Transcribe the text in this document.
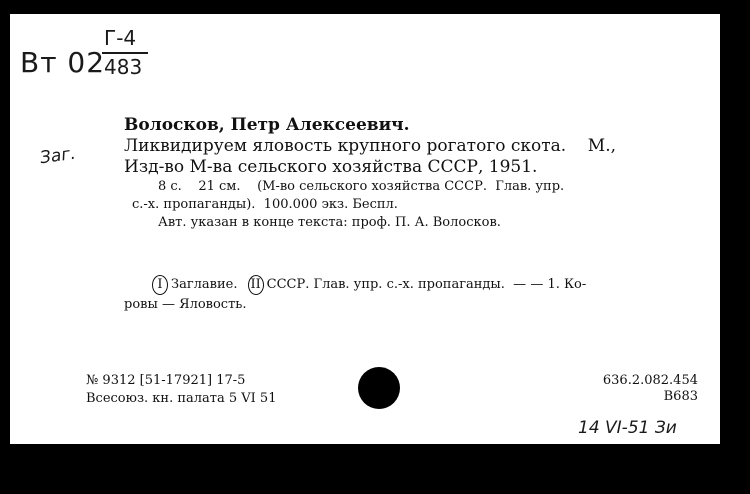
Вт 02
Г-4
483
Заг.
Волосков, Петр Алексеевич.
Ликвидируем яловость крупного рогатого скота.    М.,
Изд-во М-ва сельского хозяйства СССР, 1951.
8 с.    21 см.    (М-во сельского хозяйства СССР.  Глав. упр.
с.-х. пропаганды).  100.000 экз. Беспл.
Авт. указан в конце текста: проф. П. А. Волосков.
I Заглавие. II СССР. Глав. упр. с.-х. пропаганды.  — — 1. Ко-
ровы — Яловость.
№ 9312 [51-17921] 17-5
Всесоюз. кн. палата 5 VI 51
636.2.082.454
В683
14 VI-51 Зи
